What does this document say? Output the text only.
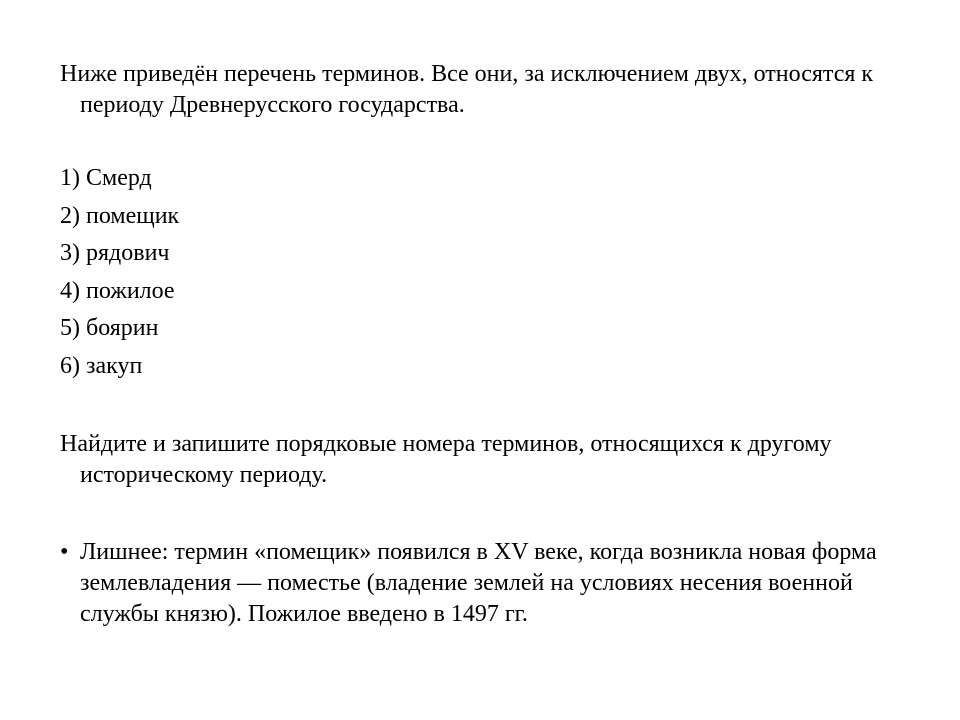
Ниже приведён перечень терминов. Все они, за исключением двух, относятся к периоду Древнерусского государства.
1) Смерд
2) помещик
3) рядович
4) пожилое
5) боярин
6) закуп
Найдите и запишите порядковые номера терминов, относящихся к другому историческому периоду.
• Лишнее: термин «помещик» появился в XV веке, когда возникла новая форма землевладения — поместье (владение землей на условиях несения военной службы князю). Пожилое введено в 1497 гг.
